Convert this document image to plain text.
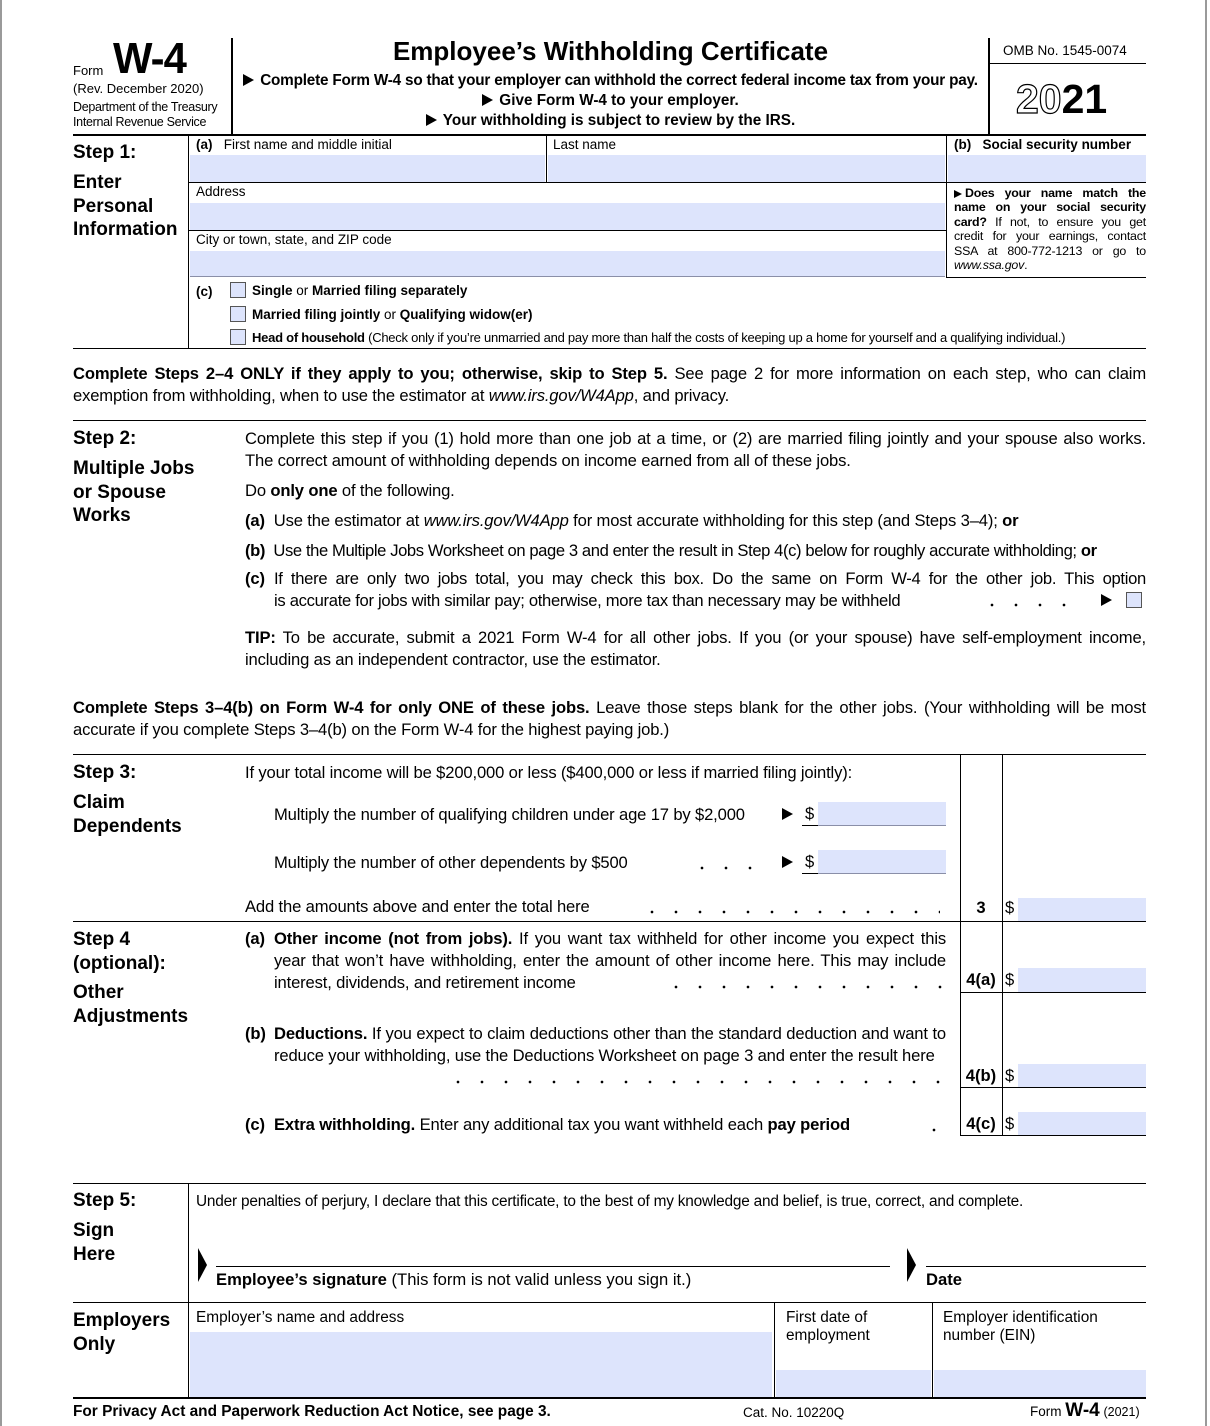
Form W-4
(Rev. December 2020)
Department of the Treasury
Internal Revenue Service
Employee’s Withholding Certificate
Complete Form W-4 so that your employer can withhold the correct federal income tax from your pay.
Give Form W-4 to your employer.
Your withholding is subject to review by the IRS.
OMB No. 1545-0074
2021
Step 1:
Enter
Personal
Information
(a) First name and middle initial	Last name
Address
City or town, state, and ZIP code
(b) Social security number
Does your name match the name on your social security card? If not, to ensure you get credit for your earnings, contact SSA at 800-772-1213 or go to www.ssa.gov.
(c)	Single or Married filing separately
Married filing jointly or Qualifying widow(er)
Head of household (Check only if you’re unmarried and pay more than half the costs of keeping up a home for yourself and a qualifying individual.)
Complete Steps 2–4 ONLY if they apply to you; otherwise, skip to Step 5. See page 2 for more information on each step, who can claim exemption from withholding, when to use the estimator at www.irs.gov/W4App, and privacy.
Step 2:
Multiple Jobs
or Spouse
Works
Complete this step if you (1) hold more than one job at a time, or (2) are married filing jointly and your spouse also works. The correct amount of withholding depends on income earned from all of these jobs.
Do only one of the following.
(a) Use the estimator at www.irs.gov/W4App for most accurate withholding for this step (and Steps 3–4); or
(b) Use the Multiple Jobs Worksheet on page 3 and enter the result in Step 4(c) below for roughly accurate withholding; or
(c) If there are only two jobs total, you may check this box. Do the same on Form W-4 for the other job. This option
is accurate for jobs with similar pay; otherwise, more tax than necessary may be withheld
TIP: To be accurate, submit a 2021 Form W-4 for all other jobs. If you (or your spouse) have self-employment income, including as an independent contractor, use the estimator.
Complete Steps 3–4(b) on Form W-4 for only ONE of these jobs. Leave those steps blank for the other jobs. (Your withholding will be most accurate if you complete Steps 3–4(b) on the Form W-4 for the highest paying job.)
Step 3:
Claim
Dependents
If your total income will be $200,000 or less ($400,000 or less if married filing jointly):
Multiply the number of qualifying children under age 17 by $2,000	$
Multiply the number of other dependents by $500	$
Add the amounts above and enter the total here	3	$
Step 4
(optional):
Other
Adjustments
(a) Other income (not from jobs). If you want tax withheld for other income you expect this year that won’t have withholding, enter the amount of other income here. This may include interest, dividends, and retirement income	4(a) $
(b) Deductions. If you expect to claim deductions other than the standard deduction and want to reduce your withholding, use the Deductions Worksheet on page 3 and enter the result here
4(b) $
(c) Extra withholding. Enter any additional tax you want withheld each pay period	4(c) $
Step 5:
Sign
Here
Under penalties of perjury, I declare that this certificate, to the best of my knowledge and belief, is true, correct, and complete.
Employee’s signature (This form is not valid unless you sign it.)	Date
Employers
Only
Employer’s name and address	First date of
employment
Employer identification
number (EIN)
For Privacy Act and Paperwork Reduction Act Notice, see page 3.	Cat. No. 10220Q	Form W-4 (2021)
